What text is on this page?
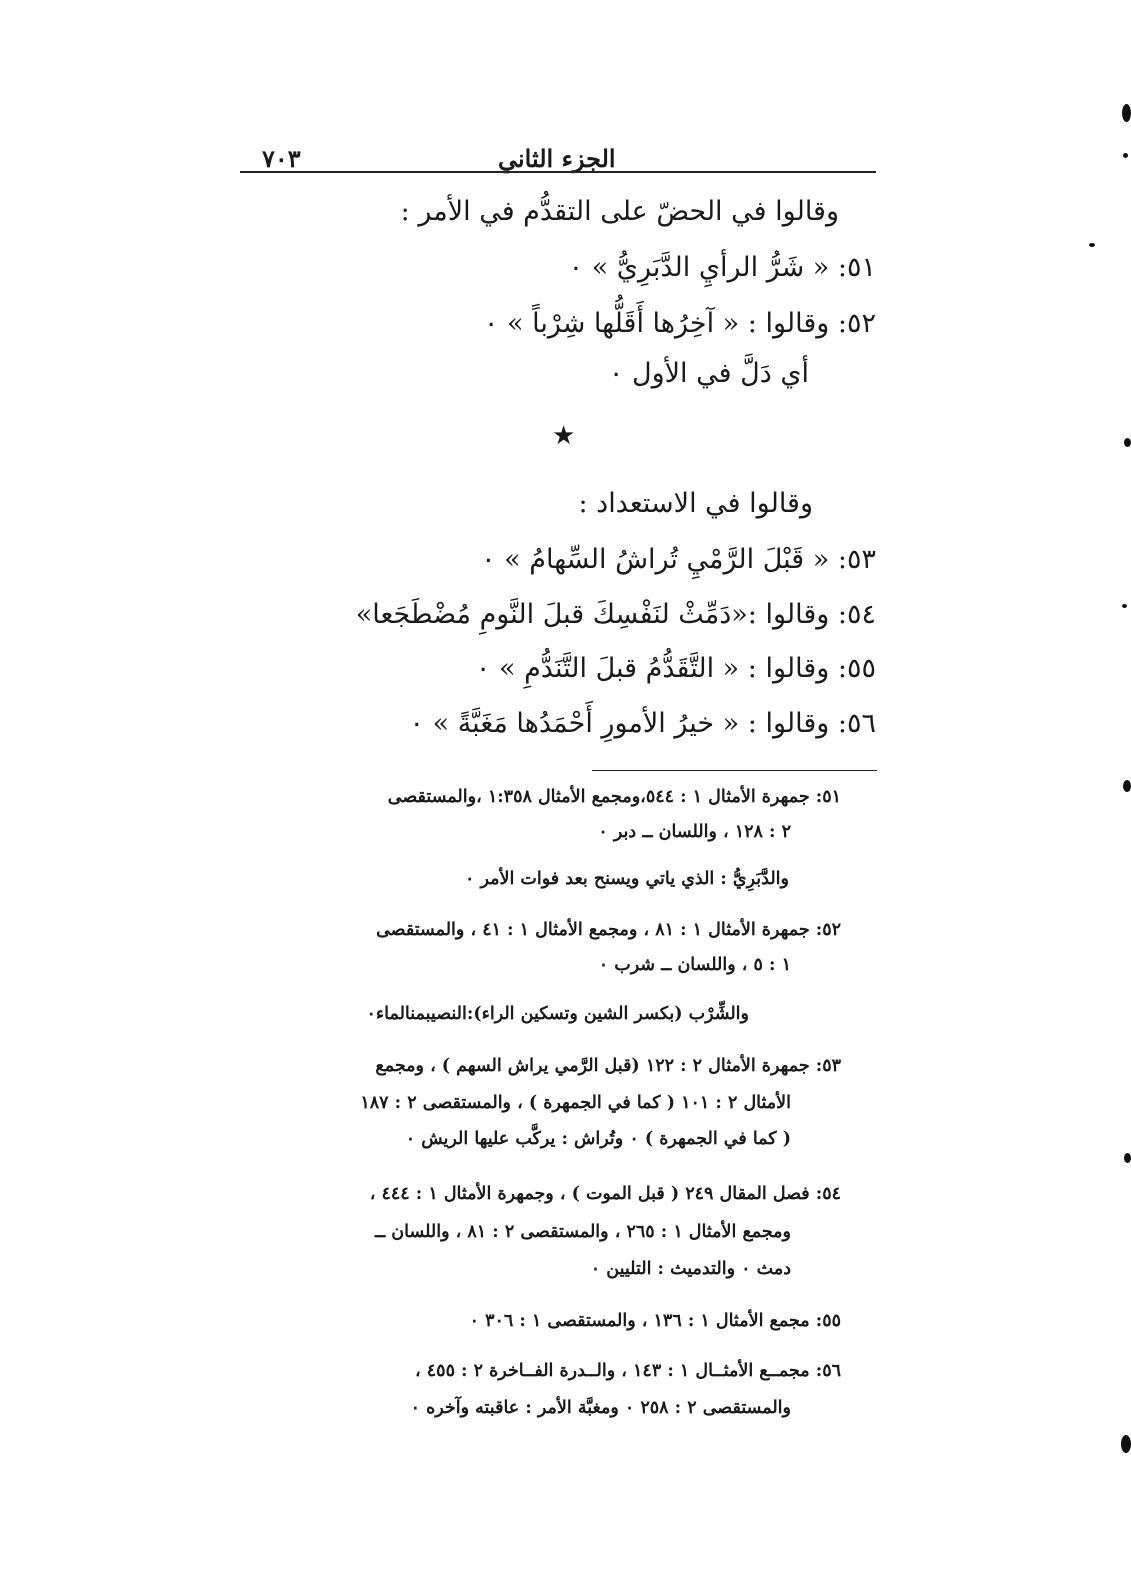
٧٠٣	الجزء الثاني
وقالوا في الحضّ على التقدُّم في الأمر :
٥١: « شَرُّ الرأيِ الدَّبَرِيُّ » ٠
٥٢: وقالوا : « آخِرُها أَقَلُّها شِرْباً » ٠
أي دَلَّ في الأول ٠
★
وقالوا في الاستعداد :
٥٣: « قَبْلَ الرَّمْيِ تُراشُ السِّهامُ » ٠
٥٤: وقالوا :«دَمِّثْ لنَفْسِكَ قبلَ النَّومِ مُضْطَجَعا»
٥٥: وقالوا : « التَّقَدُّمُ قبلَ التَّنَدُّمِ » ٠
٥٦: وقالوا : « خيرُ الأمورِ أَحْمَدُها مَغَبَّةً » ٠
٥١: جمهرة الأمثال ١ : ٥٤٤،ومجمع الأمثال ١:٣٥٨ ،والمستقصى
٢ : ١٢٨ ، واللسان ــ دبر ٠
والدَّبَرِيُّ : الذي ياتي ويسنح بعد فوات الأمر ٠
٥٢: جمهرة الأمثال ١ : ٨١ ، ومجمع الأمثال ١ : ٤١ ، والمستقصى
١ : ٥ ، واللسان ــ شرب ٠
والشِّرْب (بكسر الشين وتسكين الراء):النصيبمنالماء٠
٥٣: جمهرة الأمثال ٢ : ١٢٢ (قبل الرَّمي يراش السهم ) ، ومجمع
الأمثال ٢ : ١٠١ ( كما في الجمهرة ) ، والمستقصى ٢ : ١٨٧
( كما في الجمهرة ) ٠ وتُراش : يركَّب عليها الريش ٠
٥٤: فصل المقال ٢٤٩ ( قبل الموت ) ، وجمهرة الأمثال ١ : ٤٤٤ ،
ومجمع الأمثال ١ : ٢٦٥ ، والمستقصى ٢ : ٨١ ، واللسان ــ
دمث ٠ والتدميث : التليين ٠
٥٥: مجمع الأمثال ١ : ١٣٦ ، والمستقصى ١ : ٣٠٦ ٠
٥٦: مجمــع الأمثــال ١ : ١٤٣ ، والــدرة الفــاخرة ٢ : ٤٥٥ ،
والمستقصى ٢ : ٢٥٨ ٠ ومغبَّة الأمر : عاقبته وآخره ٠
